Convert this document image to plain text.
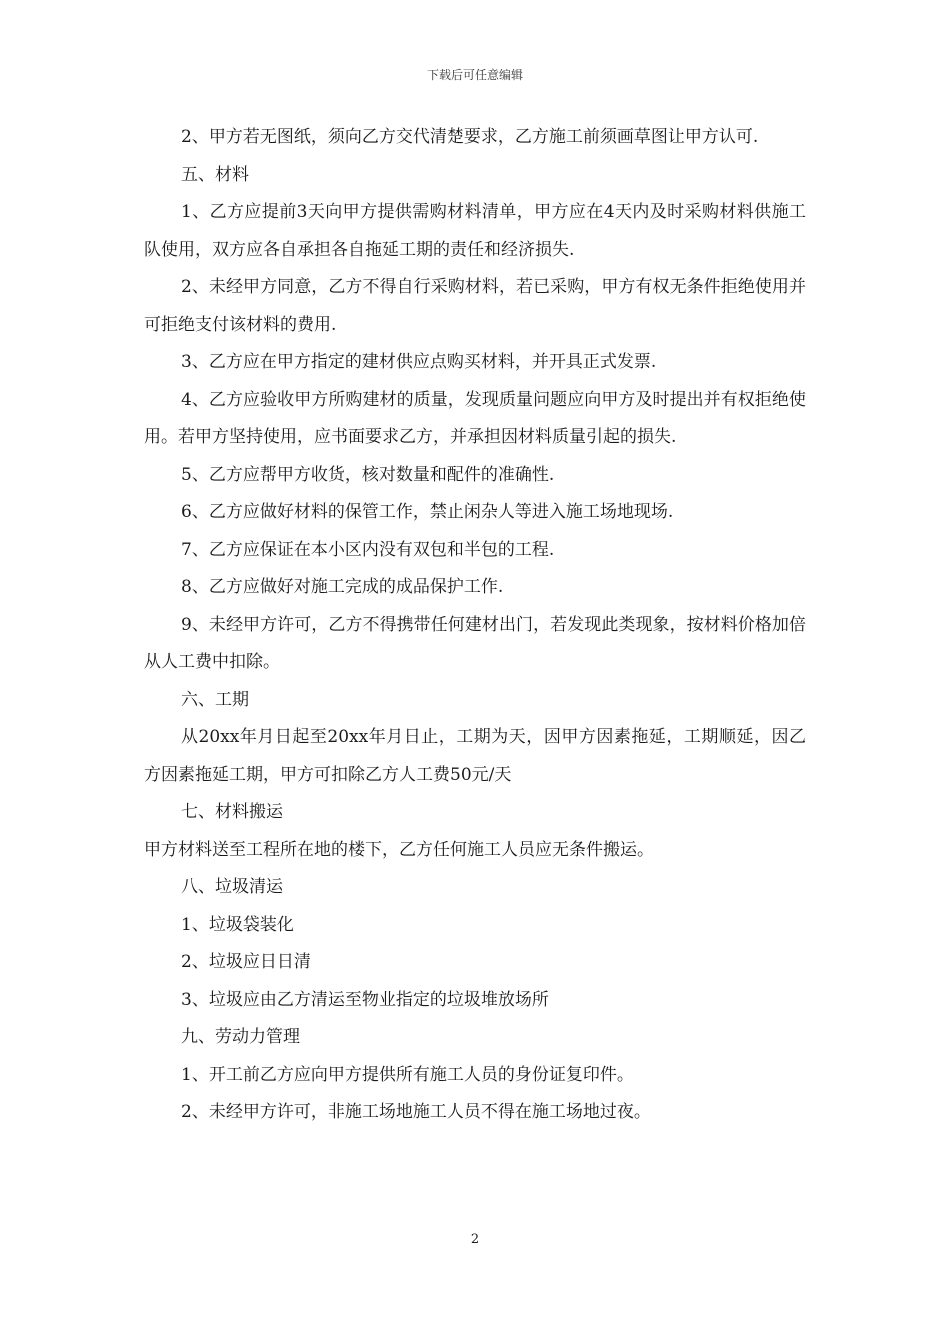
下载后可任意编辑

2、甲方若无图纸，须向乙方交代清楚要求，乙方施工前须画草图让甲方认可.

五、材料

1、乙方应提前3天向甲方提供需购材料清单，甲方应在4天内及时采购材料供施工队使用，双方应各自承担各自拖延工期的责任和经济损失.

2、未经甲方同意，乙方不得自行采购材料，若已采购，甲方有权无条件拒绝使用并可拒绝支付该材料的费用.

3、乙方应在甲方指定的建材供应点购买材料，并开具正式发票.

4、乙方应验收甲方所购建材的质量，发现质量问题应向甲方及时提出并有权拒绝使用。若甲方坚持使用，应书面要求乙方，并承担因材料质量引起的损失.

5、乙方应帮甲方收货，核对数量和配件的准确性.

6、乙方应做好材料的保管工作，禁止闲杂人等进入施工场地现场.

7、乙方应保证在本小区内没有双包和半包的工程.

8、乙方应做好对施工完成的成品保护工作.

9、未经甲方许可，乙方不得携带任何建材出门，若发现此类现象，按材料价格加倍从人工费中扣除。

六、工期

从20xx年月日起至20xx年月日止，工期为天，因甲方因素拖延，工期顺延，因乙方因素拖延工期，甲方可扣除乙方人工费50元/天

七、材料搬运

甲方材料送至工程所在地的楼下，乙方任何施工人员应无条件搬运。

八、垃圾清运

1、垃圾袋装化

2、垃圾应日日清

3、垃圾应由乙方清运至物业指定的垃圾堆放场所

九、劳动力管理

1、开工前乙方应向甲方提供所有施工人员的身份证复印件。

2、未经甲方许可，非施工场地施工人员不得在施工场地过夜。

2
